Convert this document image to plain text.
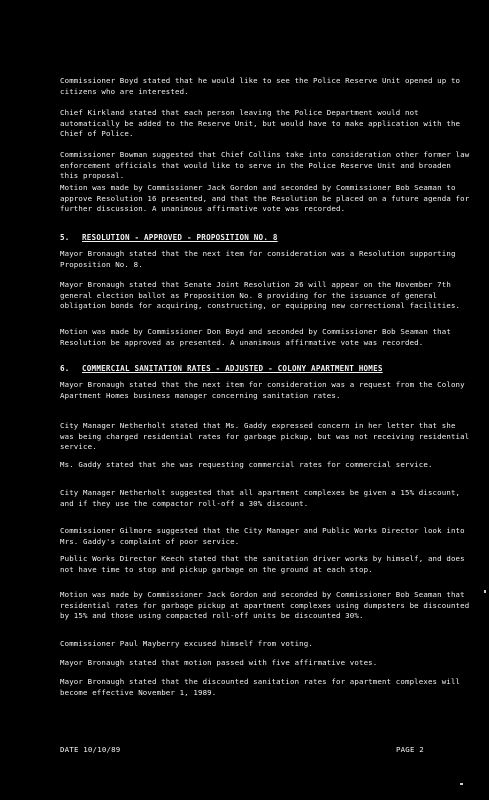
Commissioner Boyd stated that he would like to see the Police Reserve Unit opened up to citizens who are interested.
Chief Kirkland stated that each person leaving the Police Department would not automatically be added to the Reserve Unit, but would have to make application with the Chief of Police.
Commissioner Bowman suggested that Chief Collins take into consideration other former law enforcement officials that would like to serve in the Police Reserve Unit and broaden this proposal.
Motion was made by Commissioner Jack Gordon and seconded by Commissioner Bob Seaman to approve Resolution 16 presented, and that the Resolution be placed on a future agenda for further discussion. A unanimous affirmative vote was recorded.
5. RESOLUTION - APPROVED - PROPOSITION NO. 8
Mayor Bronaugh stated that the next item for consideration was a Resolution supporting Proposition No. 8.
Mayor Bronaugh stated that Senate Joint Resolution 26 will appear on the November 7th general election ballot as Proposition No. 8 providing for the issuance of general obligation bonds for acquiring, constructing, or equipping new correctional facilities.
Motion was made by Commissioner Don Boyd and seconded by Commissioner Bob Seaman that Resolution be approved as presented. A unanimous affirmative vote was recorded.
6. COMMERCIAL SANITATION RATES - ADJUSTED - COLONY APARTMENT HOMES
Mayor Bronaugh stated that the next item for consideration was a request from the Colony Apartment Homes business manager concerning sanitation rates.
City Manager Netherholt stated that Ms. Gaddy expressed concern in her letter that she was being charged residential rates for garbage pickup, but was not receiving residential service.
Ms. Gaddy stated that she was requesting commercial rates for commercial service.
City Manager Netherholt suggested that all apartment complexes be given a 15% discount, and if they use the compactor roll-off a 30% discount.
Commissioner Gilmore suggested that the City Manager and Public Works Director look into Mrs. Gaddy's complaint of poor service.
Public Works Director Keech stated that the sanitation driver works by himself, and does not have time to stop and pickup garbage on the ground at each stop.
Motion was made by Commissioner Jack Gordon and seconded by Commissioner Bob Seaman that residential rates for garbage pickup at apartment complexes using dumpsters be discounted by 15% and those using compacted roll-off units be discounted 30%.
Commissioner Paul Mayberry excused himself from voting.
Mayor Bronaugh stated that motion passed with five affirmative votes.
Mayor Bronaugh stated that the discounted sanitation rates for apartment complexes will become effective November 1, 1989.
DATE 10/10/89	PAGE 2
